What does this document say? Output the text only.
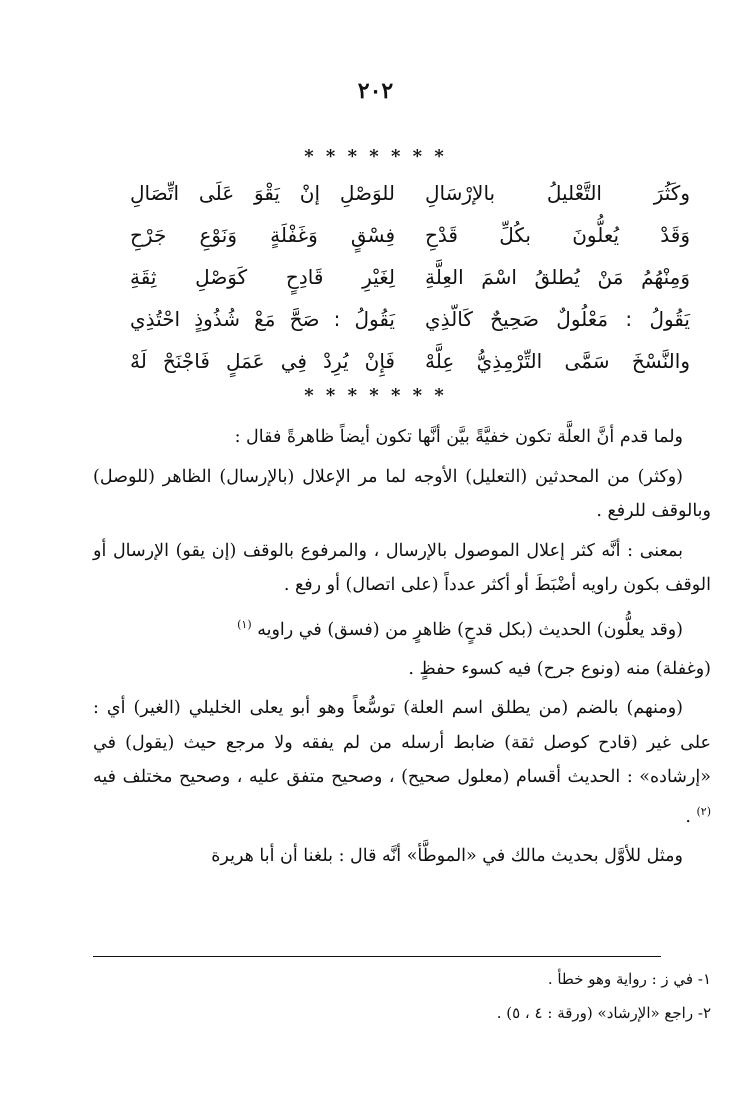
٢٠٢
* * * * * * *
وكَثُرَ التَّعْليلُ بالإرْسَالِ
للوَصْلِ إنْ يَقْوَ عَلَى اتِّصَالِ
وَقَدْ يُعلُّونَ بكُلِّ قَدْحِ
فِسْقٍ وَغَفْلَةٍ وَنَوْعِ جَرْحِ
وَمِنْهُمُ مَنْ يُطلقُ اسْمَ العِلَّةِ
لِغَيْرِ قَادِحٍ كَوَصْلِ ثِقَةِ
يَقُولُ : مَعْلُولٌ صَحِيحٌ كَالّذِي
يَقُولُ : صَحَّ مَعْ شُذُوذٍ احْتُذِي
والنَّسْخَ سَمَّى التِّرْمِذِيُّ عِلَّهْ
فَإِنْ يُرِدْ فِي عَمَلٍ فَاجْنَحْ لَهْ
* * * * * * *

ولما قدم أنَّ العلَّة تكون خفيَّةً بيَّن أنَّها تكون أيضاً ظاهرةً فقال :

(وكثر) من المحدثين (التعليل) الأوجه لما مر الإعلال (بالإرسال) الظاهر (للوصل) وبالوقف للرفع .

بمعنى : أنَّه كثر إعلال الموصول بالإرسال ، والمرفوع بالوقف (إن يقو) الإرسال أو الوقف بكون راويه أضْبَطَ أو أكثر عدداً (على اتصال) أو رفع .

(وقد يعلُّون) الحديث (بكل قدحٍ) ظاهرٍ من (فسق) في راويه $^{(١)}$

(وغفلة) منه (ونوع جرح) فيه كسوء حفظٍ .

(ومنهم) بالضم (من يطلق اسم العلة) توسُّعاً وهو أبو يعلى الخليلي (الغير) أي : على غير (قادح كوصل ثقة) ضابط أرسله من لم يفقه ولا مرجع حيث (يقول) في «إرشاده» : الحديث أقسام (معلول صحيح) ، وصحيح متفق عليه ، وصحيح مختلف فيه $^{(٢)}$ .

ومثل للأوَّل بحديث مالك في «الموطَّأ» أنَّه قال : بلغنا أن أبا هريرة

١- في ز : رواية وهو خطأ .
٢- راجع «الإرشاد» (ورقة : ٤ ، ٥) .
